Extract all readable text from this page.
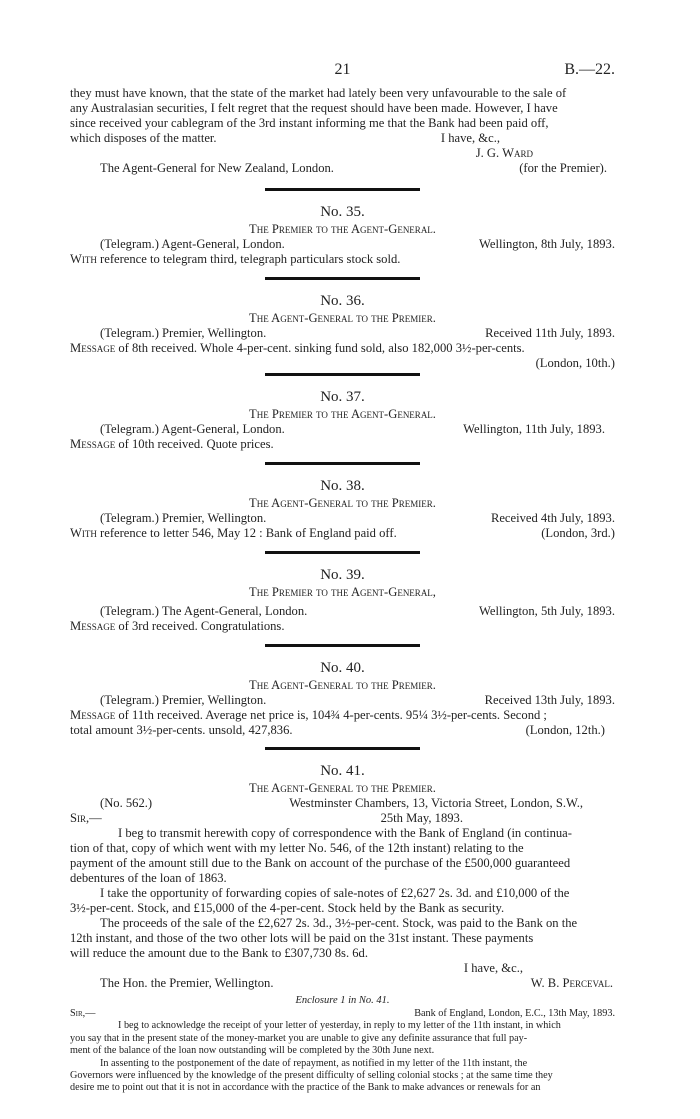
21	B.—22.

they must have known, that the state of the market had lately been very unfavourable to the sale of

any Australasian securities, I felt regret that the request should have been made. However, I have

since received your cablegram of the 3rd instant informing me that the Bank had been paid off,

which disposes of the matter.	I have, &c.,
J. G. Ward
The Agent-General for New Zealand, London.	(for the Premier).
No. 35.
The Premier to the Agent-General.
(Telegram.) Agent-General, London.	Wellington, 8th July, 1893.

With reference to telegram third, telegraph particulars stock sold.

No. 36.
The Agent-General to the Premier.
(Telegram.) Premier, Wellington.	Received 11th July, 1893.

Message of 8th received. Whole 4-per-cent. sinking fund sold, also 182,000 3½-per-cents.

(London, 10th.)
No. 37.
The Premier to the Agent-General.
(Telegram.) Agent-General, London.	Wellington, 11th July, 1893.

Message of 10th received. Quote prices.

No. 38.
The Agent-General to the Premier.
(Telegram.) Premier, Wellington.	Received 4th July, 1893.

With reference to letter 546, May 12 : Bank of England paid off.	(London, 3rd.)
No. 39.
The Premier to the Agent-General,
(Telegram.) The Agent-General, London.	Wellington, 5th July, 1893.

Message of 3rd received. Congratulations.

No. 40.
The Agent-General to the Premier.
(Telegram.) Premier, Wellington.	Received 13th July, 1893.

Message of 11th received. Average net price is, 104¾ 4-per-cents. 95¼ 3½-per-cents. Second ;

total amount 3½-per-cents. unsold, 427,836.	(London, 12th.)
No. 41.
The Agent-General to the Premier.
(No. 562.)	Westminster Chambers, 13, Victoria Street, London, S.W.,
Sir,—	25th May, 1893.

I beg to transmit herewith copy of correspondence with the Bank of England (in continua-

tion of that, copy of which went with my letter No. 546, of the 12th instant) relating to the

payment of the amount still due to the Bank on account of the purchase of the £500,000 guaranteed

debentures of the loan of 1863.

I take the opportunity of forwarding copies of sale-notes of £2,627 2s. 3d. and £10,000 of the

3½-per-cent. Stock, and £15,000 of the 4-per-cent. Stock held by the Bank as security.

The proceeds of the sale of the £2,627 2s. 3d., 3½-per-cent. Stock, was paid to the Bank on the

12th instant, and those of the two other lots will be paid on the 31st instant. These payments

will reduce the amount due to the Bank to £307,730 8s. 6d.
I have, &c.,
The Hon. the Premier, Wellington.	W. B. Perceval.
Enclosure 1 in No. 41.
Sir,—	Bank of England, London, E.C., 13th May, 1893.

I beg to acknowledge the receipt of your letter of yesterday, in reply to my letter of the 11th instant, in which

you say that in the present state of the money-market you are unable to give any definite assurance that full pay-

ment of the balance of the loan now outstanding will be completed by the 30th June next.

In assenting to the postponement of the date of repayment, as notified in my letter of the 11th instant, the

Governors were influenced by the knowledge of the present difficulty of selling colonial stocks ; at the same time they

desire me to point out that it is not in accordance with the practice of the Bank to make advances or renewals for an
